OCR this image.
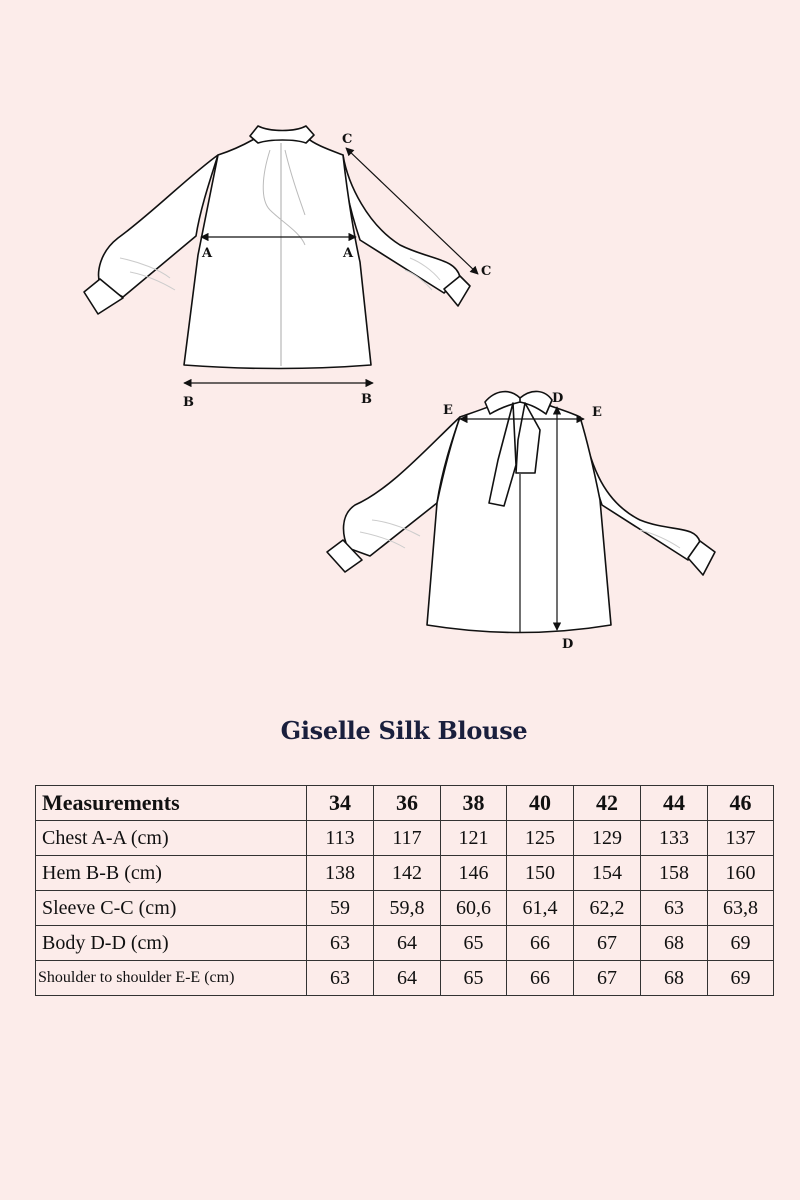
A	A
B	B
C
C
E	E
D
D
Giselle Silk Blouse
Measurements	34	36	38	40	42	44	46
Chest A-A (cm)	113	117	121	125	129	133	137
Hem B-B (cm)	138	142	146	150	154	158	160
Sleeve C-C (cm)	59	59,8	60,6	61,4	62,2	63	63,8
Body D-D (cm)	63	64	65	66	67	68	69
Shoulder to shoulder E-E (cm)	63	64	65	66	67	68	69
